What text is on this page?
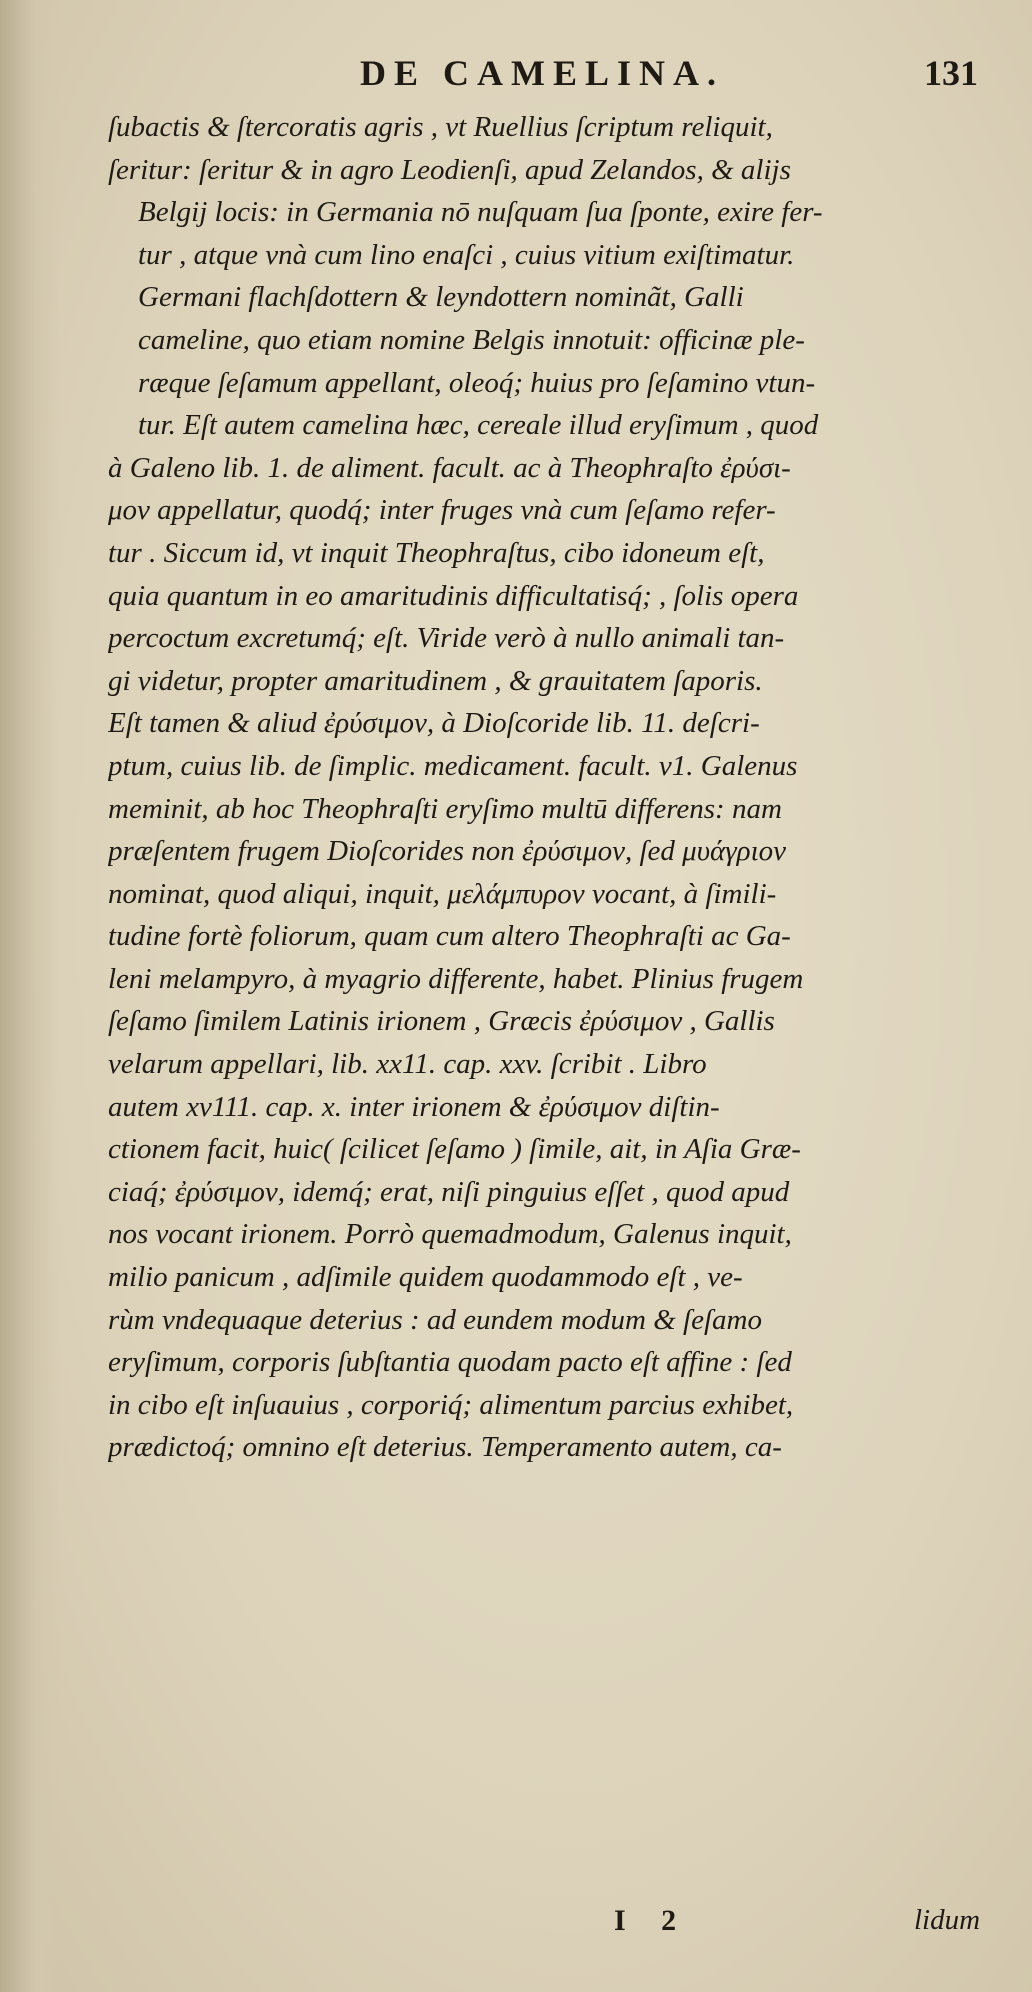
DE CAMELINA.	131
ſubactis & ſtercoratis agris , vt Ruellius ſcriptum reliquit,
ſeritur: ſeritur & in agro Leodienſi, apud Zelandos, & alijs
Belgij locis: in Germania nō nuſquam ſua ſponte, exire fer-
tur , atque vnà cum lino enaſci , cuius vitium exiſtimatur.
Germani flachſdottern & leyndottern nominãt, Galli
cameline, quo etiam nomine Belgis innotuit: officinæ ple-
ræque ſeſamum appellant, oleoq́; huius pro ſeſamino vtun-
tur. Eſt autem camelina hæc, cereale illud eryſimum , quod
à Galeno lib. 1. de aliment. facult. ac à Theophraſto ἐρύσι-
μον appellatur, quodq́; inter fruges vnà cum ſeſamo refer-
tur . Siccum id, vt inquit Theophraſtus, cibo idoneum eſt,
quia quantum in eo amaritudinis difficultatisq́; , ſolis opera
percoctum excretumq́; eſt. Viride verò à nullo animali tan-
gi videtur, propter amaritudinem , & grauitatem ſaporis.
Eſt tamen & aliud ἐρύσιμον, à Dioſcoride lib. 11. deſcri-
ptum, cuius lib. de ſimplic. medicament. facult. v1. Galenus
meminit, ab hoc Theophraſti eryſimo multū differens: nam
præſentem frugem Dioſcorides non ἐρύσιμον, ſed μυάγριον
nominat, quod aliqui, inquit, μελάμπυρον vocant, à ſimili-
tudine fortè foliorum, quam cum altero Theophraſti ac Ga-
leni melampyro, à myagrio differente, habet. Plinius frugem
ſeſamo ſimilem Latinis irionem , Græcis ἐρύσιμον , Gallis
velarum appellari, lib. xx11. cap. xxv. ſcribit . Libro
autem xv111. cap. x. inter irionem & ἐρύσιμον diſtin-
ctionem facit, huic( ſcilicet ſeſamo ) ſimile, ait, in Aſia Græ-
ciaq́; ἐρύσιμον, idemq́; erat, niſi pinguius eſſet , quod apud
nos vocant irionem. Porrò quemadmodum, Galenus inquit,
milio panicum , adſimile quidem quodammodo eſt , ve-
rùm vndequaque deterius : ad eundem modum & ſeſamo
eryſimum, corporis ſubſtantia quodam pacto eſt affine : ſed
in cibo eſt inſuauius , corporiq́; alimentum parcius exhibet,
prædictoq́; omnino eſt deterius. Temperamento autem, ca-
I 2	lidum
